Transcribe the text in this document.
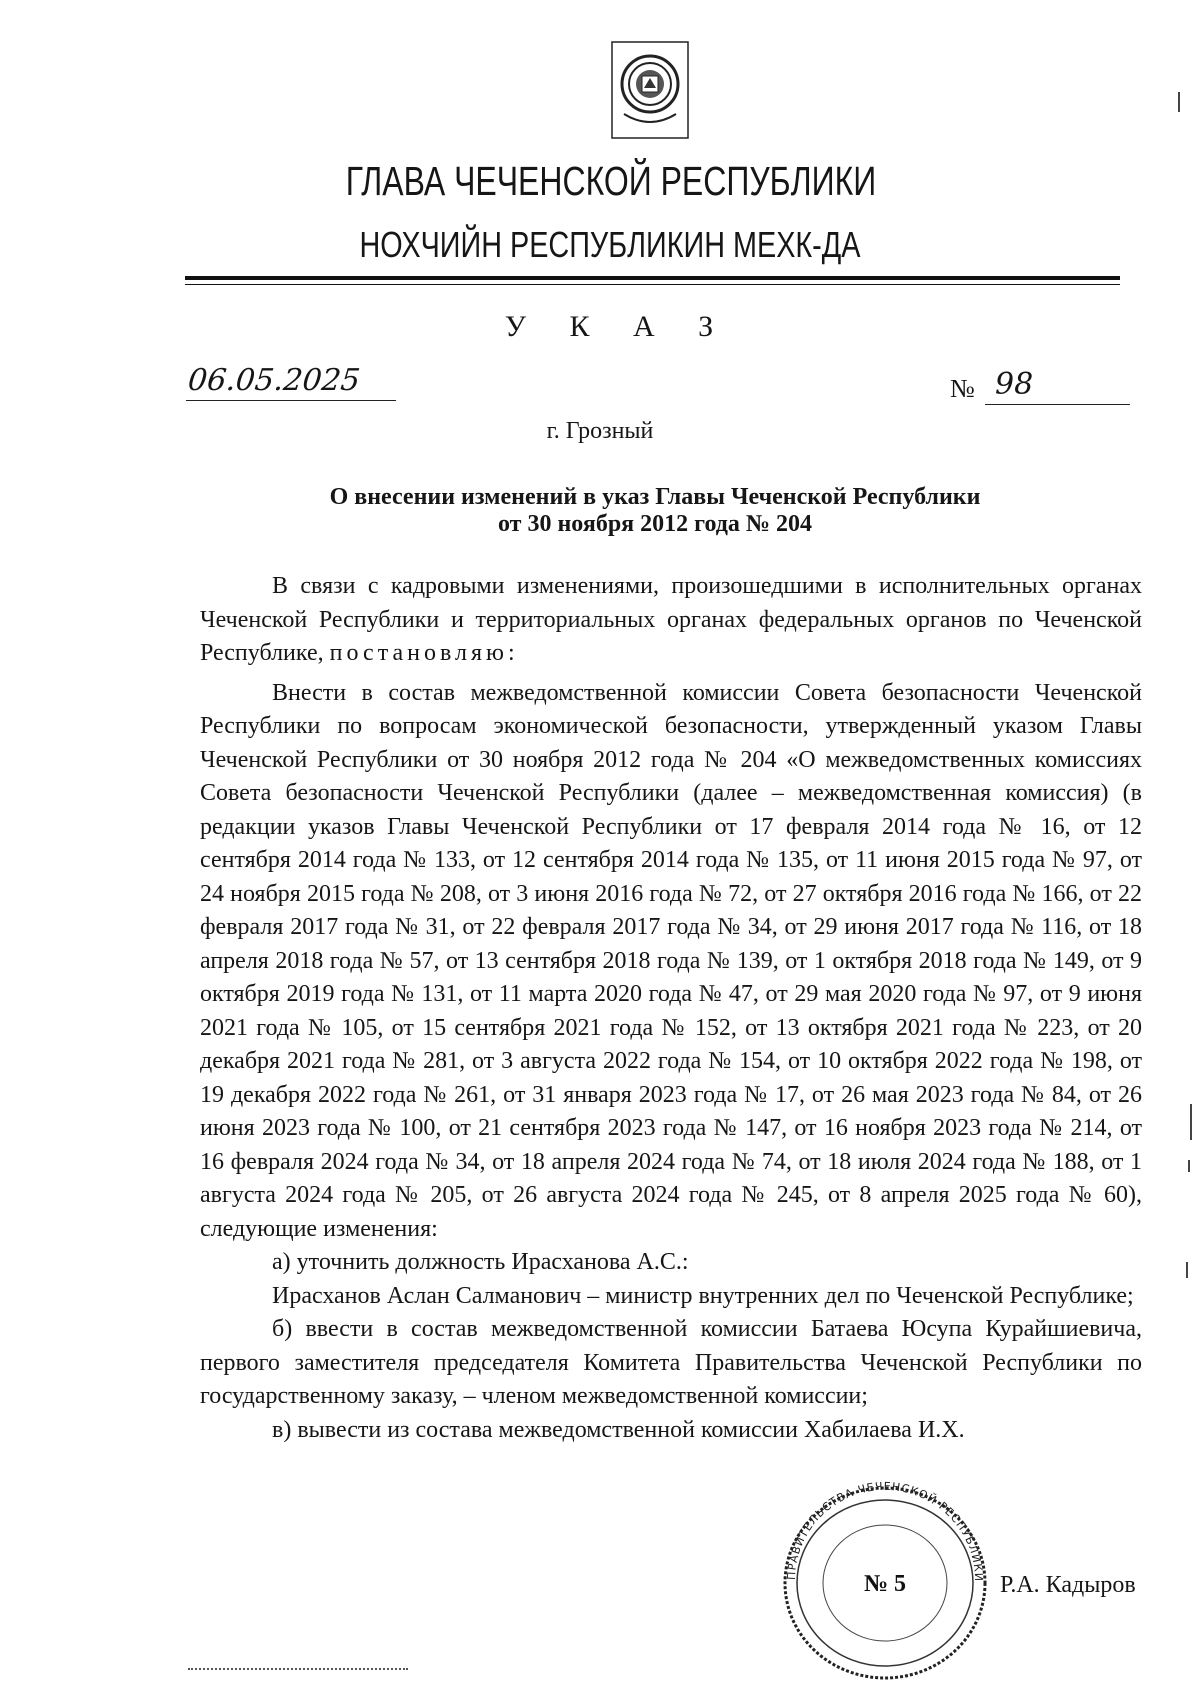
ГЛАВА ЧЕЧЕНСКОЙ РЕСПУБЛИКИ
НОХЧИЙН РЕСПУБЛИКИН МЕХК-ДА
У К А З
06.05.2025	№ 98
г. Грозный
О внесении изменений в указ Главы Чеченской Республики
от 30 ноября 2012 года № 204

В связи с кадровыми изменениями, произошедшими в исполнительных органах Чеченской Республики и территориальных органах федеральных органов по Чеченской Республике, постановляю:

Внести в состав межведомственной комиссии Совета безопасности Чеченской Республики по вопросам экономической безопасности, утвержденный указом Главы Чеченской Республики от 30 ноября 2012 года № 204 «О межведомственных комиссиях Совета безопасности Чеченской Республики (далее – межведомственная комиссия) (в редакции указов Главы Чеченской Республики от 17 февраля 2014 года № 16, от 12 сентября 2014 года № 133, от 12 сентября 2014 года № 135, от 11 июня 2015 года № 97, от 24 ноября 2015 года № 208, от 3 июня 2016 года № 72, от 27 октября 2016 года № 166, от 22 февраля 2017 года № 31, от 22 февраля 2017 года № 34, от 29 июня 2017 года № 116, от 18 апреля 2018 года № 57, от 13 сентября 2018 года № 139, от 1 октября 2018 года № 149, от 9 октября 2019 года № 131, от 11 марта 2020 года № 47, от 29 мая 2020 года № 97, от 9 июня 2021 года № 105, от 15 сентября 2021 года № 152, от 13 октября 2021 года № 223, от 20 декабря 2021 года № 281, от 3 августа 2022 года № 154, от 10 октября 2022 года № 198, от 19 декабря 2022 года № 261, от 31 января 2023 года № 17, от 26 мая 2023 года № 84, от 26 июня 2023 года № 100, от 21 сентября 2023 года № 147, от 16 ноября 2023 года № 214, от 16 февраля 2024 года № 34, от 18 апреля 2024 года № 74, от 18 июля 2024 года № 188, от 1 августа 2024 года № 205, от 26 августа 2024 года № 245, от 8 апреля 2025 года № 60), следующие изменения:

а) уточнить должность Ирасханова А.С.:

Ирасханов Аслан Салманович – министр внутренних дел по Чеченской Республике;

б) ввести в состав межведомственной комиссии Батаева Юсупа Курайшиевича, первого заместителя председателя Комитета Правительства Чеченской Республики по государственному заказу, – членом межведомственной комиссии;

в) вывести из состава межведомственной комиссии Хабилаева И.Х.

ПРАВИТЕЛЬСТВА ЧЕЧЕНСКОЙ РЕСПУБЛИКИ
№ 5	Р.А. Кадыров
